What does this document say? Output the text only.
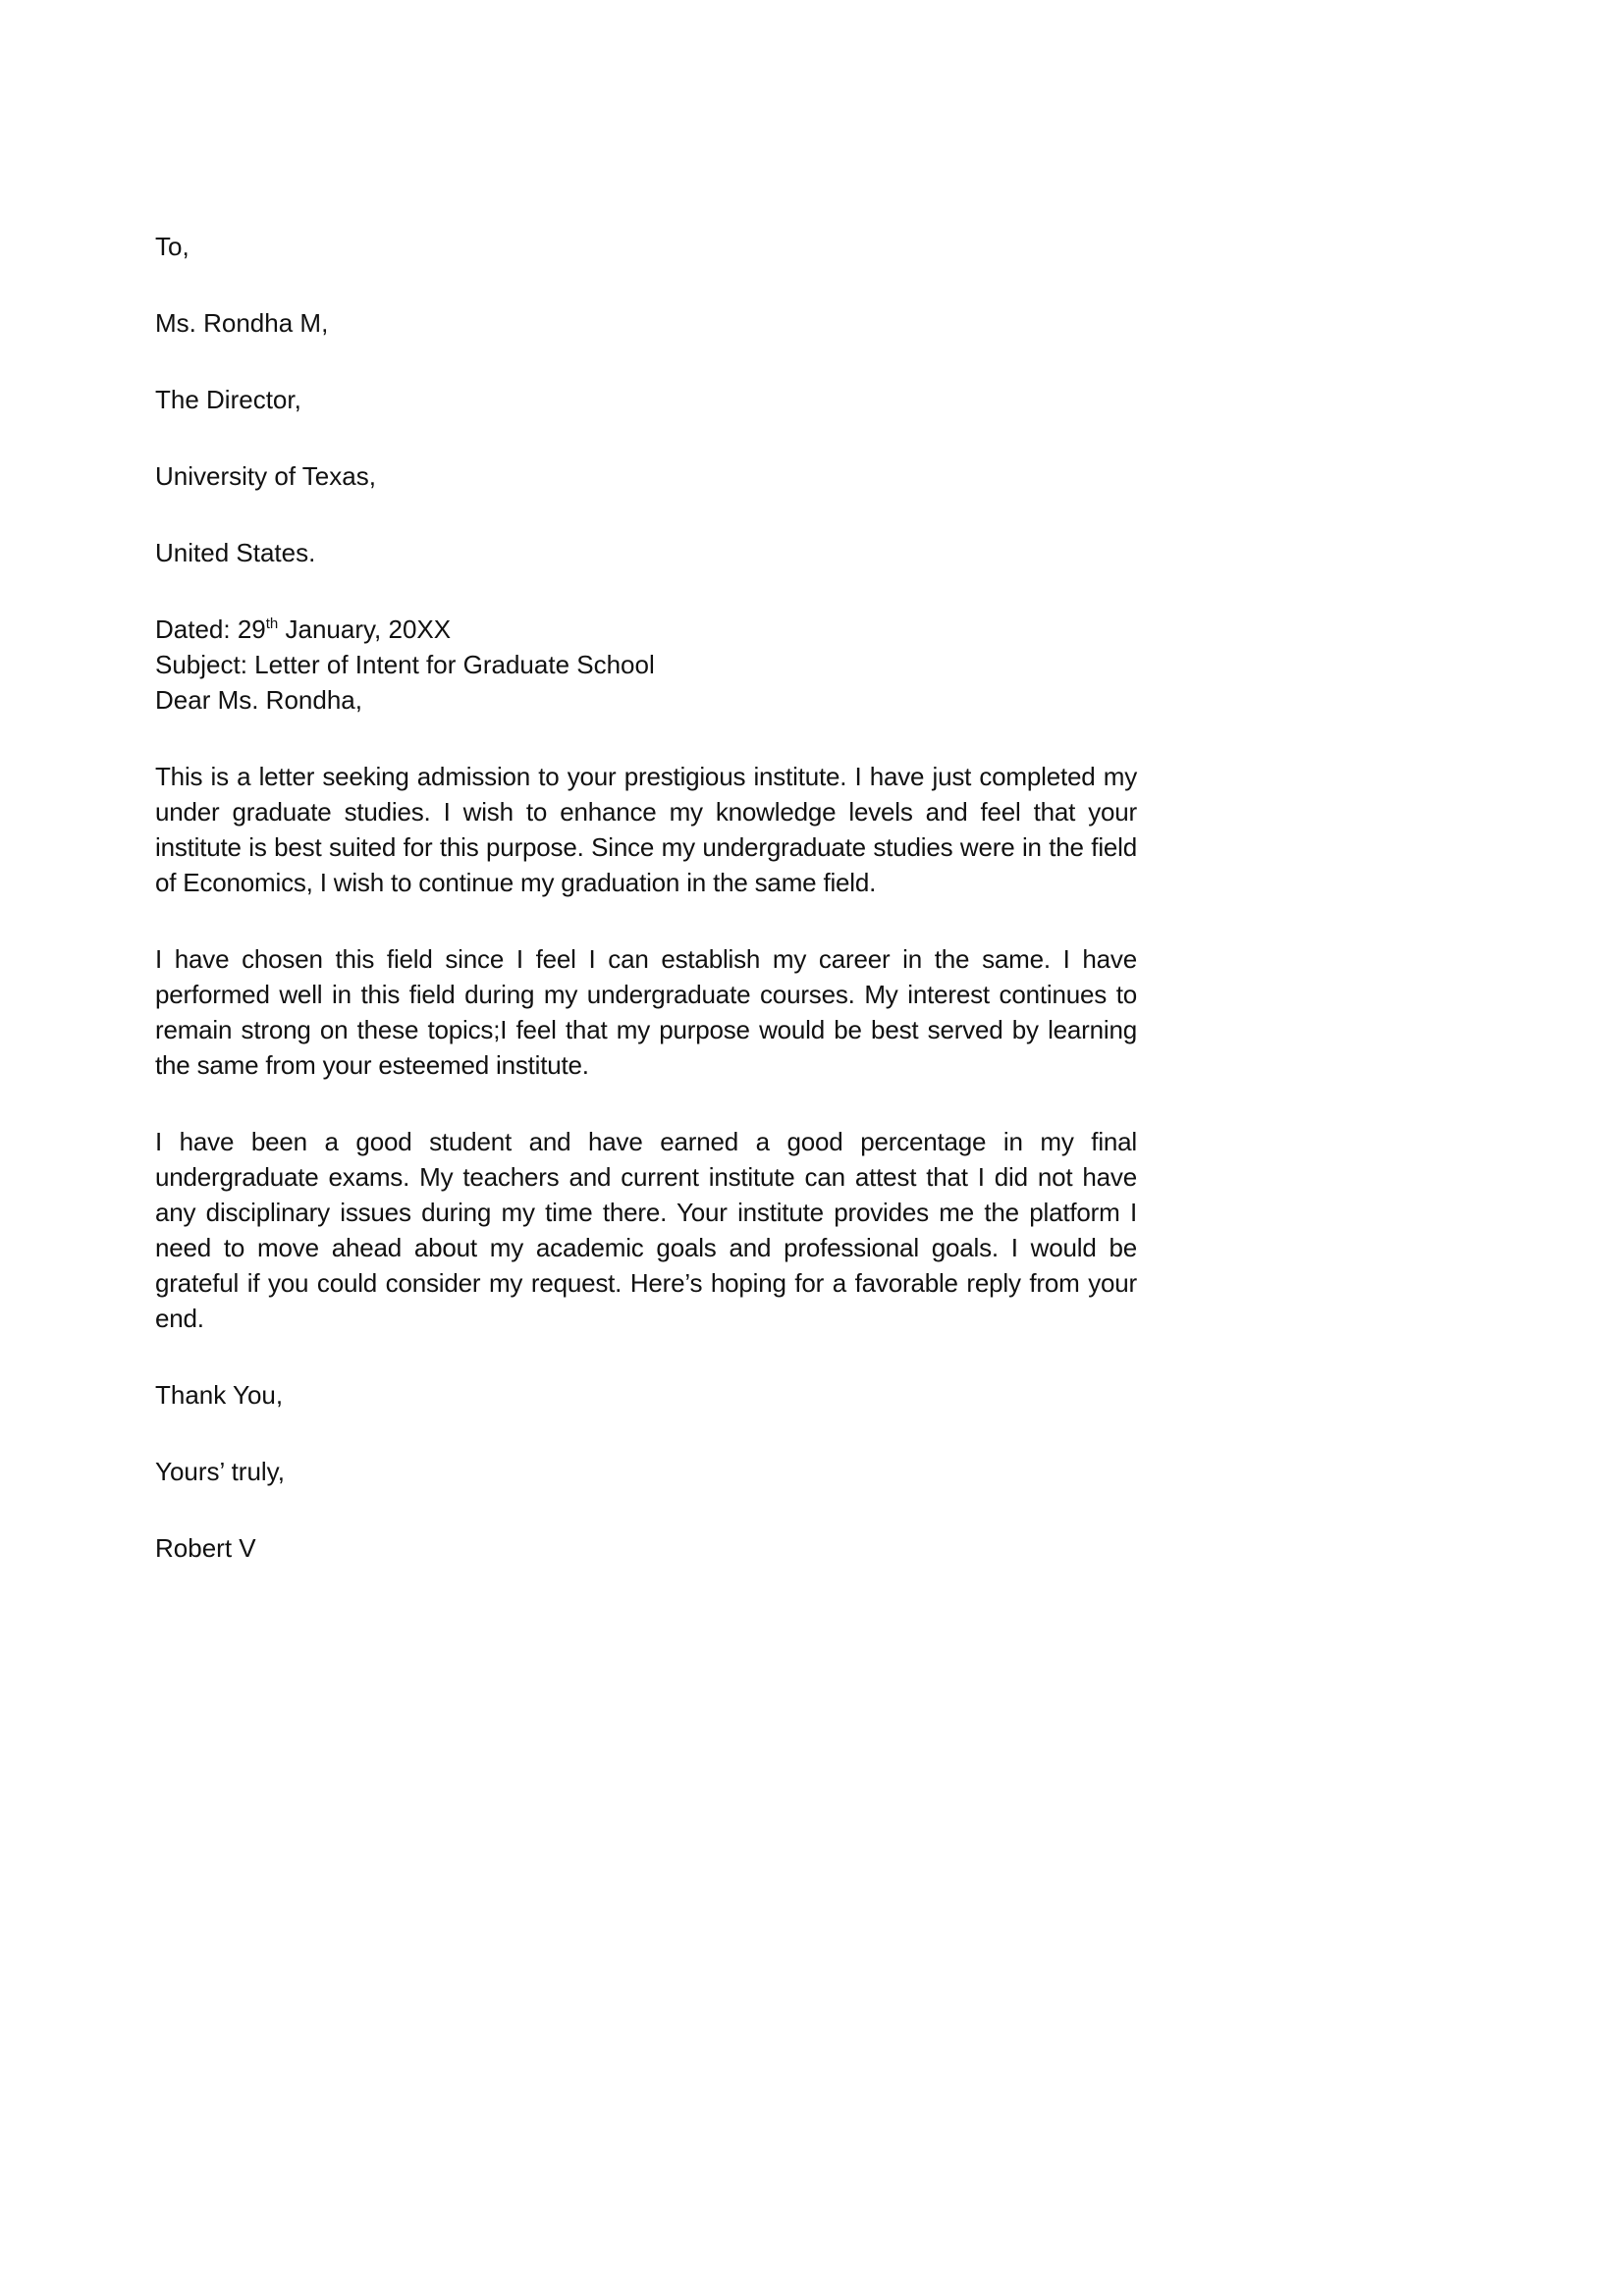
To,
Ms. Rondha M,
The Director,
University of Texas,
United States.
Dated: 29th January, 20XX
Subject: Letter of Intent for Graduate School
Dear Ms. Rondha,

This is a letter seeking admission to your prestigious institute. I have just completed my under graduate studies. I wish to enhance my knowledge levels and feel that your institute is best suited for this purpose. Since my undergraduate studies were in the field of Economics, I wish to continue my graduation in the same field.

I have chosen this field since I feel I can establish my career in the same. I have performed well in this field during my undergraduate courses. My interest continues to remain strong on these topics;I feel that my purpose would be best served by learning the same from your esteemed institute.

I have been a good student and have earned a good percentage in my final undergraduate exams. My teachers and current institute can attest that I did not have any disciplinary issues during my time there. Your institute provides me the platform I need to move ahead about my academic goals and professional goals. I would be grateful if you could consider my request. Here’s hoping for a favorable reply from your end.

Thank You,
Yours’ truly,
Robert V
